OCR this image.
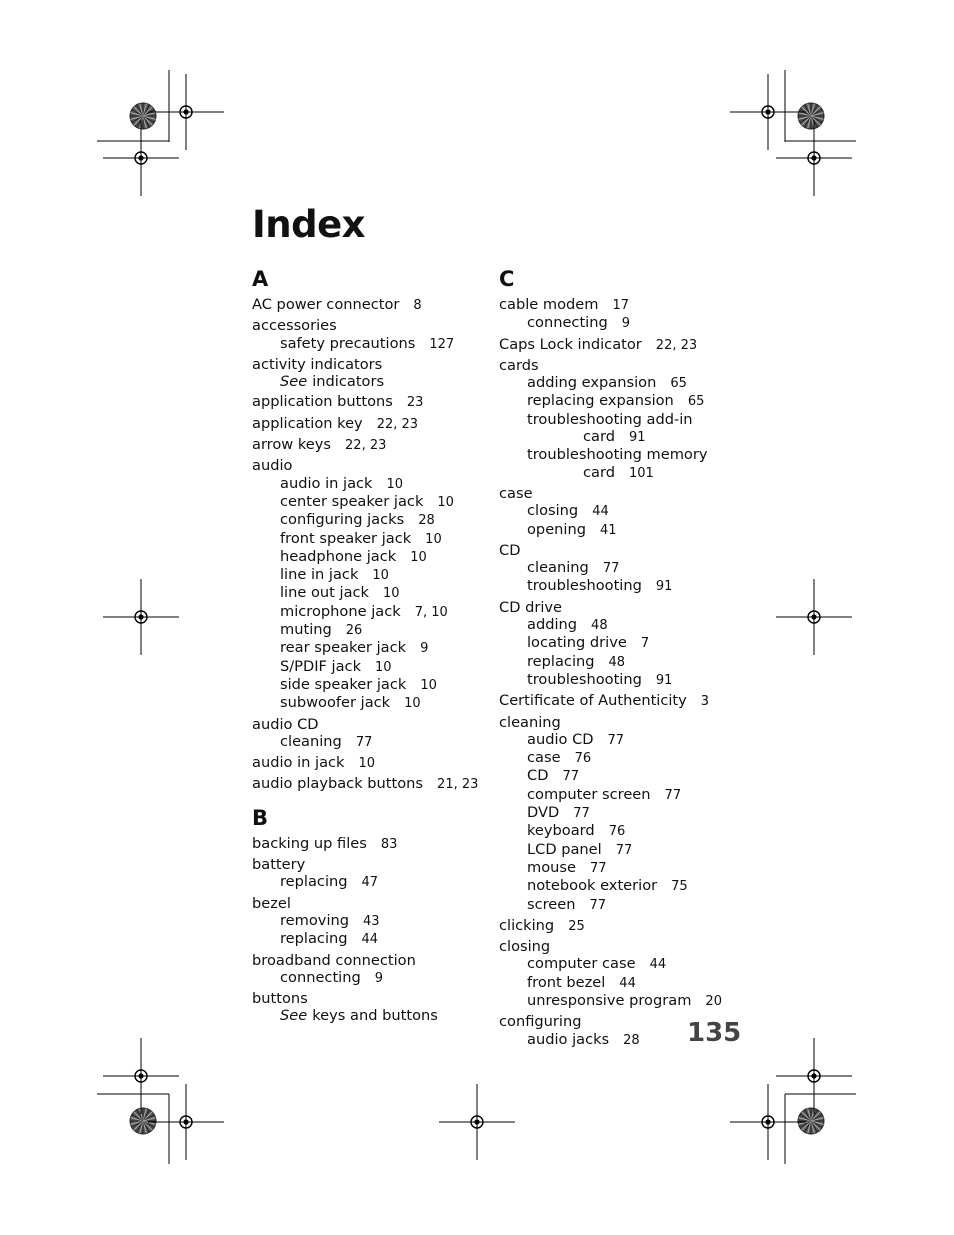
Index
A
AC power connector 8
accessories
safety precautions 127
activity indicators
See indicators
application buttons 23
application key 22, 23
arrow keys 22, 23
audio
audio in jack 10
center speaker jack 10
configuring jacks 28
front speaker jack 10
headphone jack 10
line in jack 10
line out jack 10
microphone jack 7, 10
muting 26
rear speaker jack 9
S/PDIF jack 10
side speaker jack 10
subwoofer jack 10
audio CD
cleaning 77
audio in jack 10
audio playback buttons 21, 23
B
backing up files 83
battery
replacing 47
bezel
removing 43
replacing 44
broadband connection
connecting 9
buttons
See keys and buttons
C
cable modem 17
connecting 9
Caps Lock indicator 22, 23
cards
adding expansion 65
replacing expansion 65
troubleshooting add-in
card 91
troubleshooting memory
card 101
case
closing 44
opening 41
CD
cleaning 77
troubleshooting 91
CD drive
adding 48
locating drive 7
replacing 48
troubleshooting 91
Certificate of Authenticity 3
cleaning
audio CD 77
case 76
CD 77
computer screen 77
DVD 77
keyboard 76
LCD panel 77
mouse 77
notebook exterior 75
screen 77
clicking 25
closing
computer case 44
front bezel 44
unresponsive program 20
configuring
audio jacks 28	135
